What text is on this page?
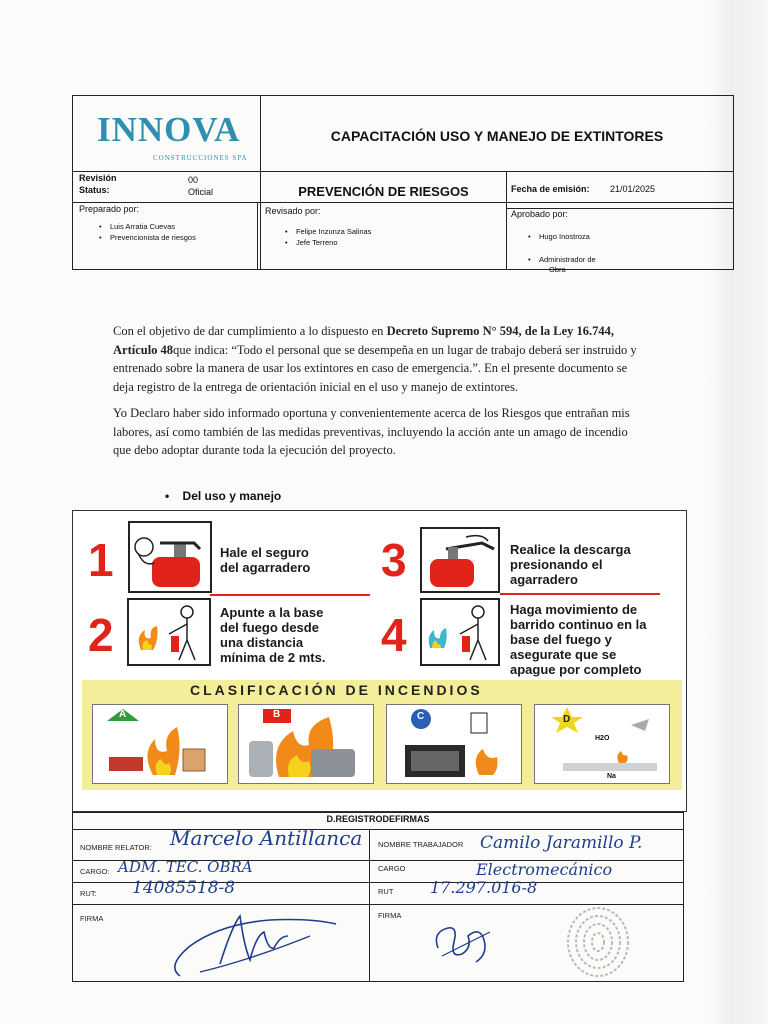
INNOVA
CONSTRUCCIONES SPA
CAPACITACIÓN USO Y MANEJO DE EXTINTORES
Revisión	00
Status:	Oficial	PREVENCIÓN DE RIESGOS	Fecha de emisión: 21/01/2025
Preparado por:
•    Luis Arratia Cuevas
•    Prevencionista de riesgos
Revisado por:
•    Felipe Inzunza Salinas
•    Jefe Terreno
Aprobado por:
•    Hugo Inostroza
•    Administrador de
Obra
Con el objetivo de dar cumplimiento a lo dispuesto en Decreto Supremo N° 594, de la Ley 16.744,
Artículo 48que indica: “Todo el personal que se desempeña en un lugar de trabajo deberá ser instruido y
entrenado sobre la manera de usar los extintores en caso de emergencia.”. En el presente documento se
deja registro de la entrega de orientación inicial en el uso y manejo de extintores.
Yo Declaro haber sido informado oportuna y convenientemente acerca de los Riesgos que entrañan mis
labores, así como también de las medidas preventivas, incluyendo la acción ante un amago de incendio
que debo adoptar durante toda la ejecución del proyecto.
•    Del uso y manejo
1	Hale el seguro
del agarradero 3	Realice la descarga
presionando el
agarradero
2	Apunte a la base
del fuego desde
una distancia
mínima de 2 mts. 4	Haga movimiento de
barrido continuo en la
base del fuego y
asegurate que se
apague por completo
CLASIFICACIÓN DE INCENDIOS
A	B	C	D
H2O
Na
D.REGISTRODEFIRMAS
NOMBRE RELATOR: Marcelo Antillanca
CARGO: ADM. TEC. OBRA
RUT: 14085518-8
FIRMA
NOMBRE TRABAJADOR Camilo Jaramillo P.
CARGO	Electromecánico
RUT 17.297.016-8
FIRMA
